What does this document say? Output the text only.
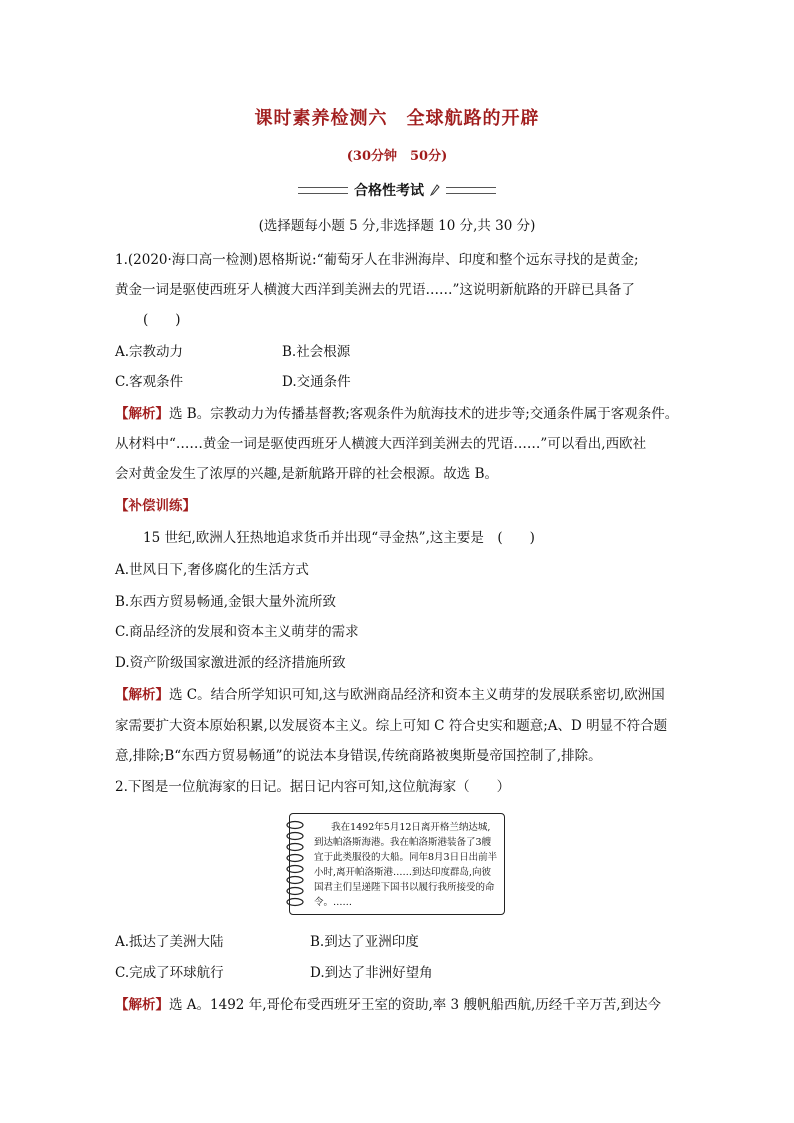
课时素养检测六　全球航路的开辟
(30分钟　50分)
合格性考试
(选择题每小题 5 分,非选择题 10 分,共 30 分)
1.(2020·海口高一检测)恩格斯说:“葡萄牙人在非洲海岸、印度和整个远东寻找的是黄金;
黄金一词是驱使西班牙人横渡大西洋到美洲去的咒语……”这说明新航路的开辟已具备了
(　　)
A.宗教动力	B.社会根源
C.客观条件	D.交通条件
【解析】选 B。宗教动力为传播基督教;客观条件为航海技术的进步等;交通条件属于客观条件。
从材料中“……黄金一词是驱使西班牙人横渡大西洋到美洲去的咒语……”可以看出,西欧社
会对黄金发生了浓厚的兴趣,是新航路开辟的社会根源。故选 B。
【补偿训练】
15 世纪,欧洲人狂热地追求货币并出现“寻金热”,这主要是　(　　)
A.世风日下,奢侈腐化的生活方式
B.东西方贸易畅通,金银大量外流所致
C.商品经济的发展和资本主义萌芽的需求
D.资产阶级国家激进派的经济措施所致
【解析】选 C。结合所学知识可知,这与欧洲商品经济和资本主义萌芽的发展联系密切,欧洲国
家需要扩大资本原始积累,以发展资本主义。综上可知 C 符合史实和题意;A、D 明显不符合题
意,排除;B“东西方贸易畅通”的说法本身错误,传统商路被奥斯曼帝国控制了,排除。
2.下图是一位航海家的日记。据日记内容可知,这位航海家（　　）
我在1492年5月12日离开格兰纳达城,到达帕洛斯海港。我在帕洛斯港装备了3艘宜于此类服役的大船。同年8月3日日出前半小时,离开帕洛斯港……到达印度群岛,向彼国君主们呈递陛下国书以履行我所接受的命令。……
A.抵达了美洲大陆	B.到达了亚洲印度
C.完成了环球航行	D.到达了非洲好望角
【解析】选 A。1492 年,哥伦布受西班牙王室的资助,率 3 艘帆船西航,历经千辛万苦,到达今
